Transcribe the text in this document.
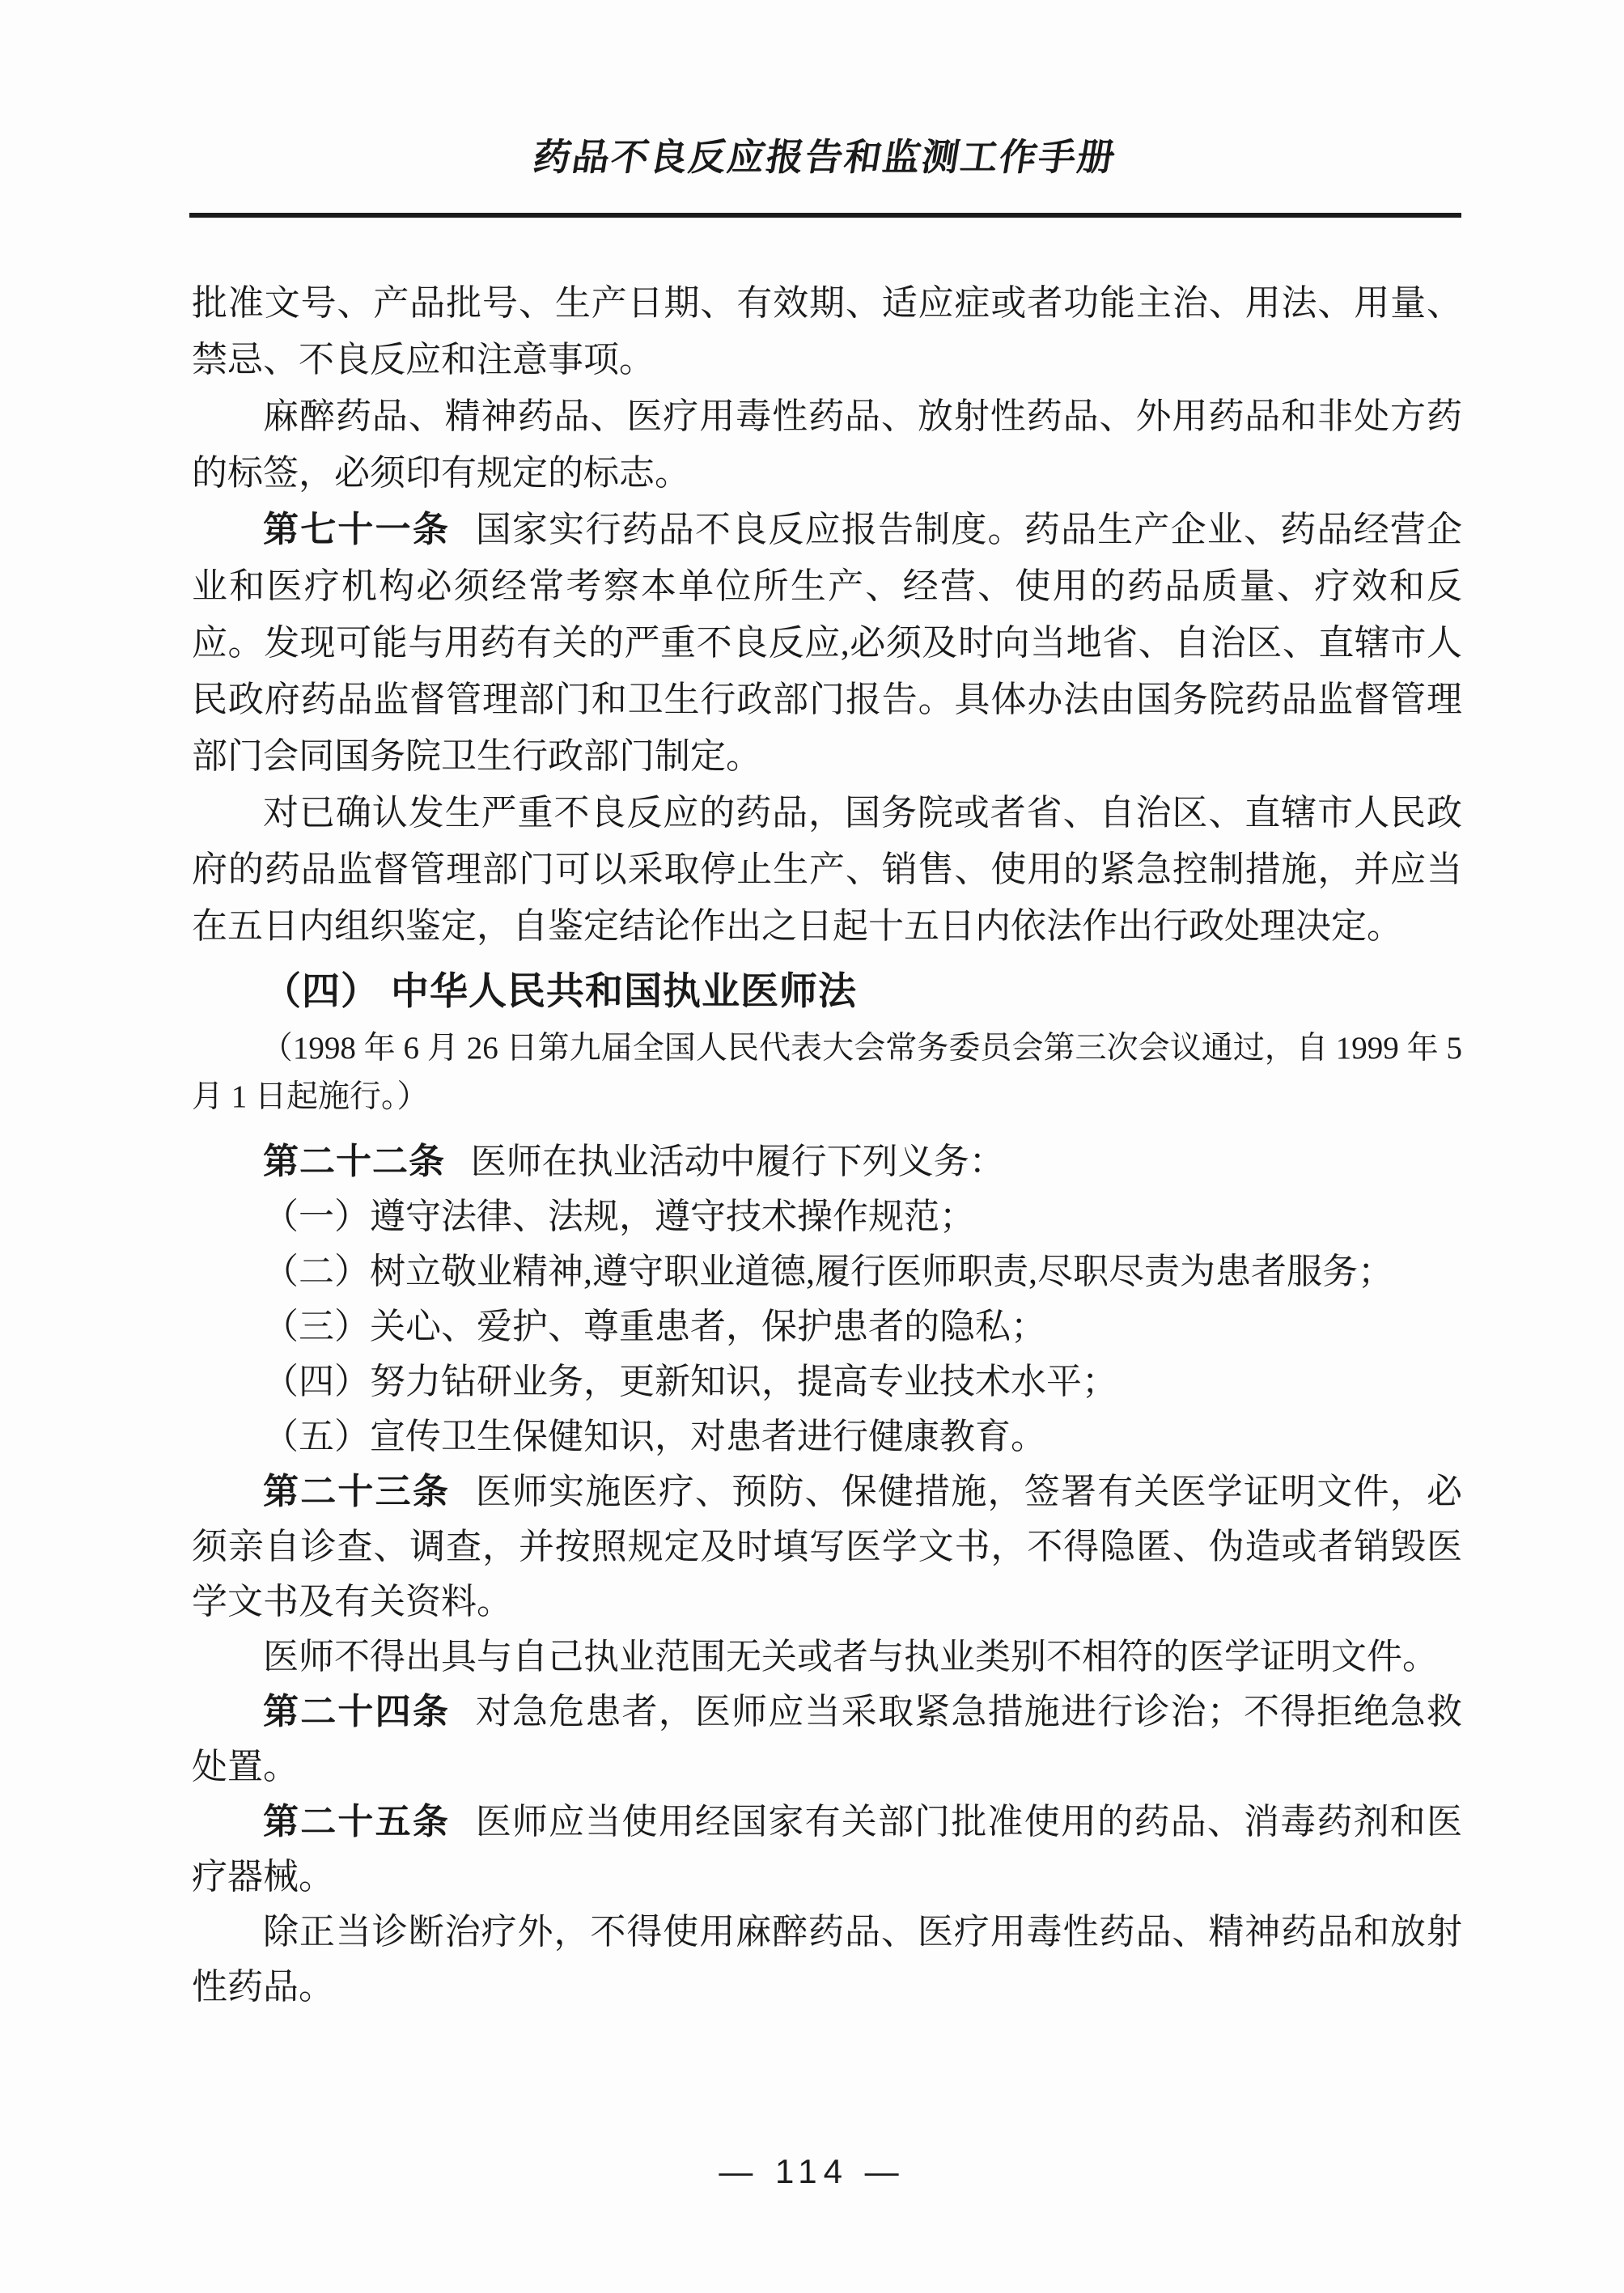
药品不良反应报告和监测工作手册

批准文号、产品批号、生产日期、有效期、适应症或者功能主治、用法、用量、禁忌、不良反应和注意事项。

麻醉药品、精神药品、医疗用毒性药品、放射性药品、外用药品和非处方药的标签，必须印有规定的标志。

第七十一条 国家实行药品不良反应报告制度。药品生产企业、药品经营企业和医疗机构必须经常考察本单位所生产、经营、使用的药品质量、疗效和反应。发现可能与用药有关的严重不良反应,必须及时向当地省、自治区、直辖市人民政府药品监督管理部门和卫生行政部门报告。具体办法由国务院药品监督管理部门会同国务院卫生行政部门制定。

对已确认发生严重不良反应的药品，国务院或者省、自治区、直辖市人民政府的药品监督管理部门可以采取停止生产、销售、使用的紧急控制措施，并应当在五日内组织鉴定，自鉴定结论作出之日起十五日内依法作出行政处理决定。

（四） 中华人民共和国执业医师法

（1998 年 6 月 26 日第九届全国人民代表大会常务委员会第三次会议通过，自 1999 年 5 月 1 日起施行。）

第二十二条 医师在执业活动中履行下列义务：

（一）遵守法律、法规，遵守技术操作规范；

（二）树立敬业精神,遵守职业道德,履行医师职责,尽职尽责为患者服务；

（三）关心、爱护、尊重患者，保护患者的隐私；

（四）努力钻研业务，更新知识，提高专业技术水平；

（五）宣传卫生保健知识，对患者进行健康教育。

第二十三条 医师实施医疗、预防、保健措施，签署有关医学证明文件，必须亲自诊查、调查，并按照规定及时填写医学文书，不得隐匿、伪造或者销毁医学文书及有关资料。

医师不得出具与自己执业范围无关或者与执业类别不相符的医学证明文件。

第二十四条 对急危患者，医师应当采取紧急措施进行诊治；不得拒绝急救处置。

第二十五条 医师应当使用经国家有关部门批准使用的药品、消毒药剂和医疗器械。

除正当诊断治疗外，不得使用麻醉药品、医疗用毒性药品、精神药品和放射性药品。

— 114 —
